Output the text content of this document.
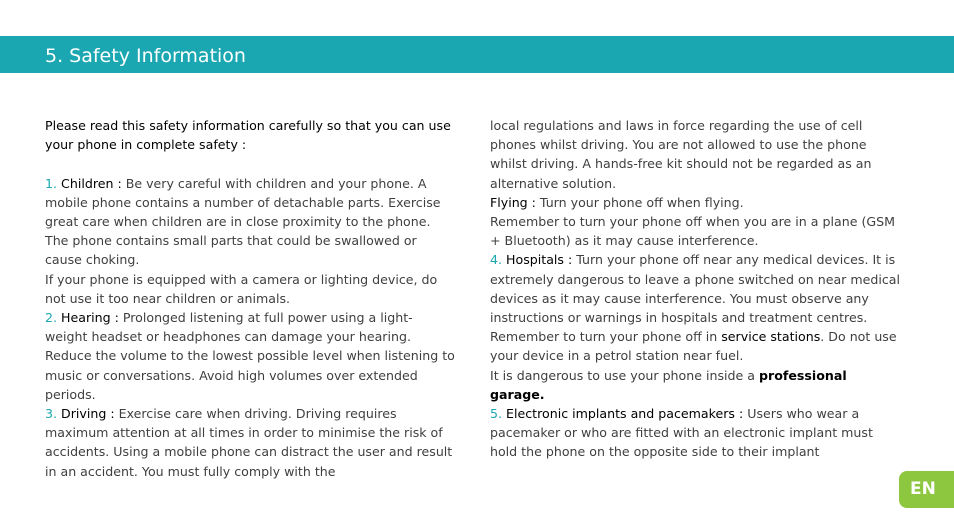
5. Safety Information

Please read this safety information carefully so that you can use your phone in complete safety :

1. Children : Be very careful with children and your phone. A mobile phone contains a number of detachable parts. Exercise great care when children are in close proximity to the phone. The phone contains small parts that could be swallowed or cause choking.

If your phone is equipped with a camera or lighting device, do not use it too near children or animals.

2. Hearing : Prolonged listening at full power using a light-weight headset or headphones can damage your hearing. Reduce the volume to the lowest possible level when listening to music or conversations. Avoid high volumes over extended periods.

3. Driving : Exercise care when driving. Driving requires maximum attention at all times in order to minimise the risk of accidents. Using a mobile phone can distract the user and result in an accident. You must fully comply with the

local regulations and laws in force regarding the use of cell phones whilst driving. You are not allowed to use the phone whilst driving. A hands-free kit should not be regarded as an alternative solution.

Flying : Turn your phone off when flying.

Remember to turn your phone off when you are in a plane (GSM + Bluetooth) as it may cause interference.

4. Hospitals : Turn your phone off near any medical devices. It is extremely dangerous to leave a phone switched on near medical devices as it may cause interference. You must observe any instructions or warnings in hospitals and treatment centres.

Remember to turn your phone off in service stations. Do not use your device in a petrol station near fuel.

It is dangerous to use your phone inside a professional garage.

5. Electronic implants and pacemakers : Users who wear a pacemaker or who are fitted with an electronic implant must hold the phone on the opposite side to their implant

EN
